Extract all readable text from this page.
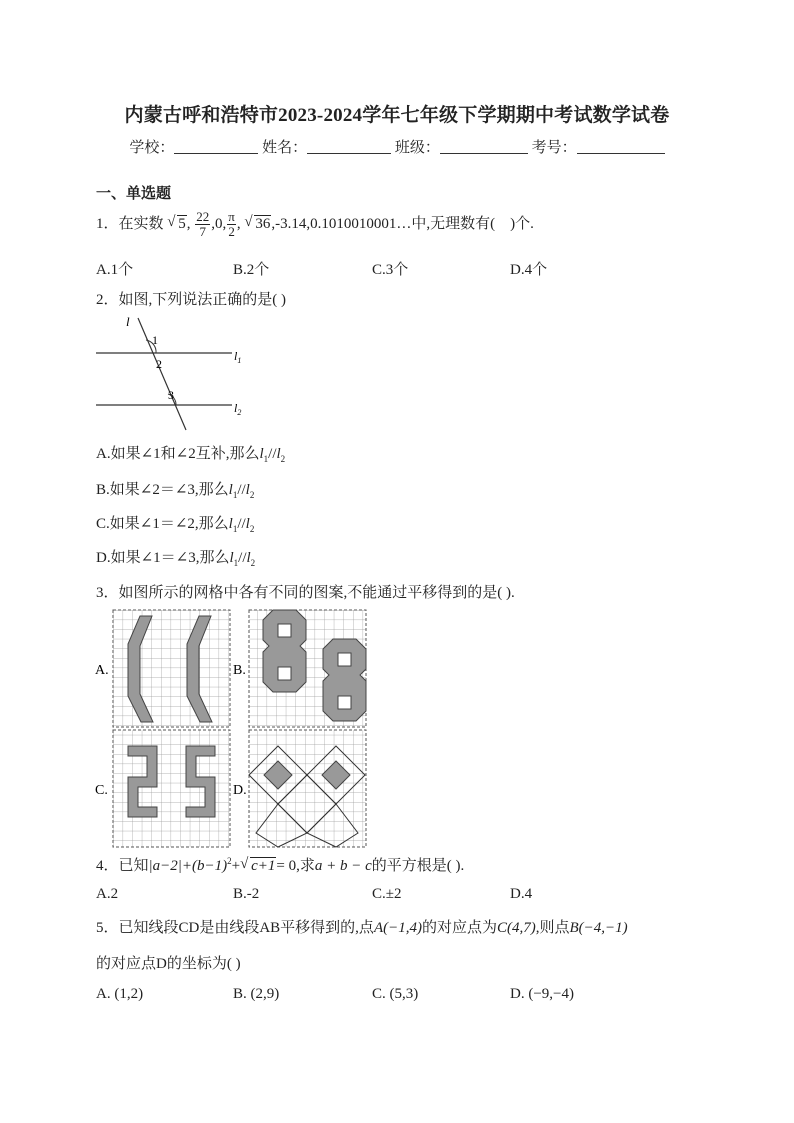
内蒙古呼和浩特市2023-2024学年七年级下学期期中考试数学试卷
学校：	姓名：	班级：	考号：
一、单选题
1．在实数 √ 5, $\frac{22}{7} ,0$, $\frac{\pi}{2}$ , √ 36,-3.14,0.1010010001…中,无理数有(　)个.
A.1个	B.2个	C.3个	D.4个
2．如图,下列说法正确的是( )
l
1
2
3
$l_1$
$l_2$
A.如果∠1和∠2互补,那么$l_1//l_2$
B.如果∠2＝∠3,那么$l_1//l_2$
C.如果∠1＝∠2,那么$l_1//l_2$
D.如果∠1＝∠3,那么$l_1//l_2$
3．如图所示的网格中各有不同的图案,不能通过平移得到的是( ).
A.	B.
C.	D.
4．已知$|a-2|+(b-1)^2+√$ c+1= 0,求a + b − c的平方根是( ).
A.2	B.-2	C.±2	D.4
5．已知线段CD是由线段AB平移得到的,点A(−1,4)的对应点为C(4,7),则点B(−4,−1)
的对应点D的坐标为( )
A. (1,2)	B. (2,9)	C. (5,3)	D. (−9,−4)
